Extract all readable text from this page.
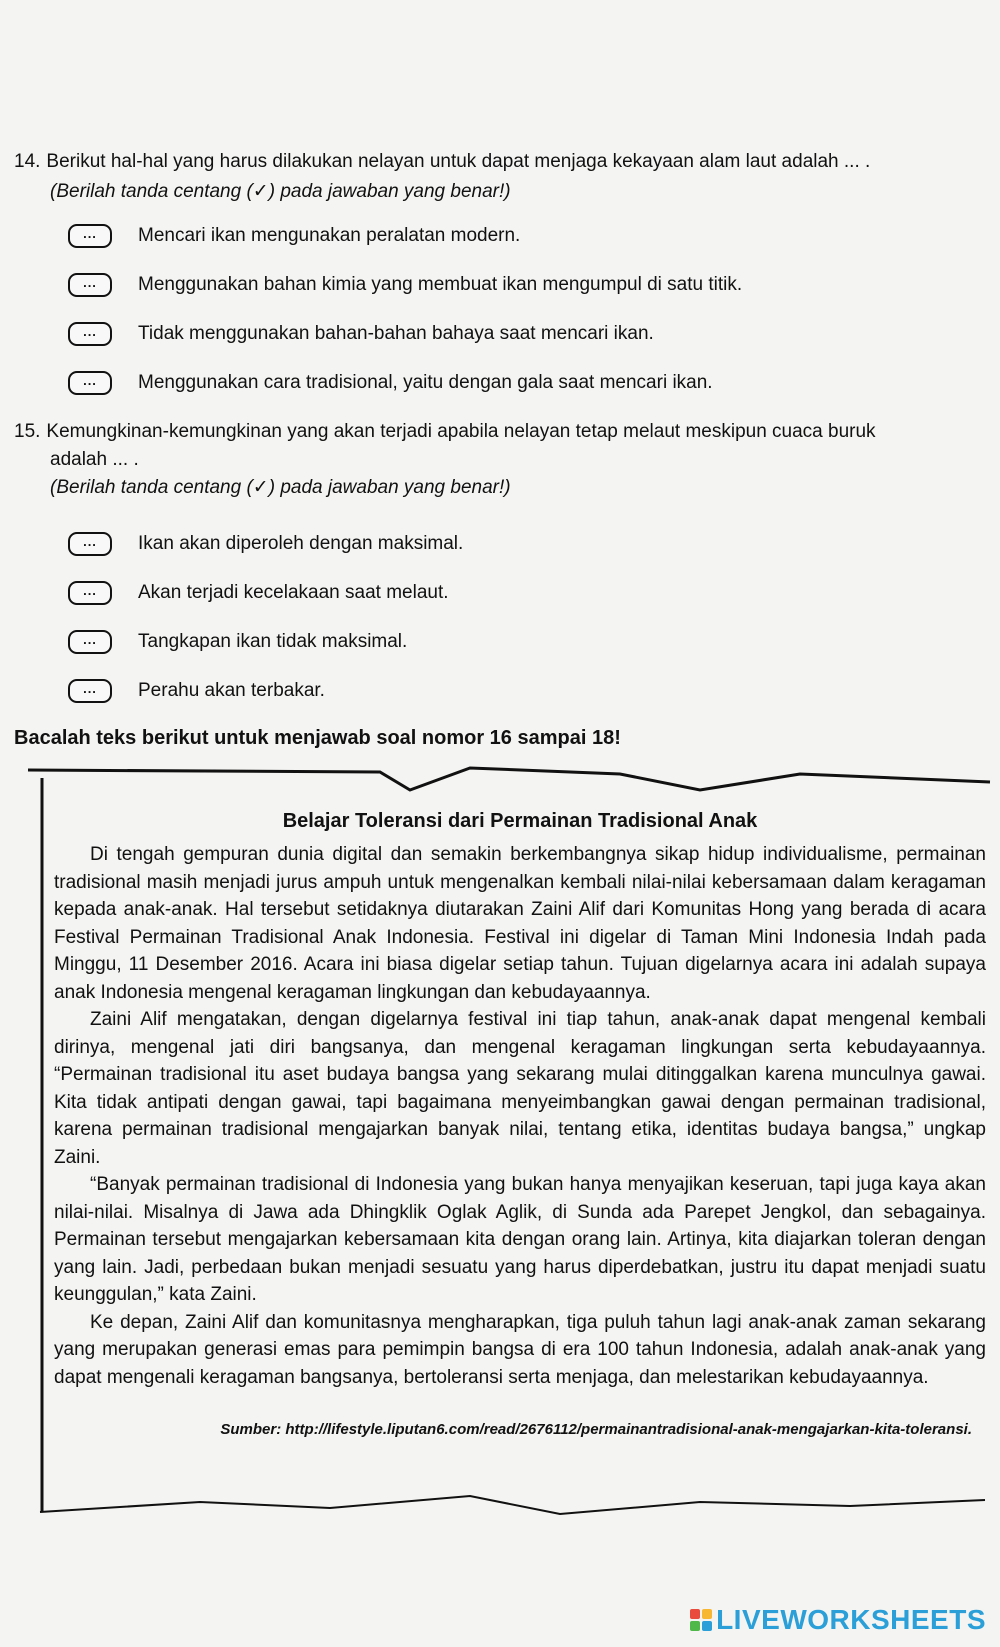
14. Berikut hal-hal yang harus dilakukan nelayan untuk dapat menjaga kekayaan alam laut adalah ... .
(Berilah tanda centang (✓) pada jawaban yang benar!)
...	Mencari ikan mengunakan peralatan modern.
...	Menggunakan bahan kimia yang membuat ikan mengumpul di satu titik.
...	Tidak menggunakan bahan-bahan bahaya saat mencari ikan.
...	Menggunakan cara tradisional, yaitu dengan gala saat mencari ikan.
15. Kemungkinan-kemungkinan yang akan terjadi apabila nelayan tetap melaut meskipun cuaca buruk
adalah ... .
(Berilah tanda centang (✓) pada jawaban yang benar!)
...	Ikan akan diperoleh dengan maksimal.
...	Akan terjadi kecelakaan saat melaut.
...	Tangkapan ikan tidak maksimal.
...	Perahu akan terbakar.
Bacalah teks berikut untuk menjawab soal nomor 16 sampai 18!
Belajar Toleransi dari Permainan Tradisional Anak

Di tengah gempuran dunia digital dan semakin berkembangnya sikap hidup individualisme, permainan tradisional masih menjadi jurus ampuh untuk mengenalkan kembali nilai-nilai kebersamaan dalam keragaman kepada anak-anak. Hal tersebut setidaknya diutarakan Zaini Alif dari Komunitas Hong yang berada di acara Festival Permainan Tradisional Anak Indonesia. Festival ini digelar di Taman Mini Indonesia Indah pada Minggu, 11 Desember 2016. Acara ini biasa digelar setiap tahun. Tujuan digelarnya acara ini adalah supaya anak Indonesia mengenal keragaman lingkungan dan kebudayaannya.

Zaini Alif mengatakan, dengan digelarnya festival ini tiap tahun, anak-anak dapat mengenal kembali dirinya, mengenal jati diri bangsanya, dan mengenal keragaman lingkungan serta kebudayaannya. “Permainan tradisional itu aset budaya bangsa yang sekarang mulai ditinggalkan karena munculnya gawai. Kita tidak antipati dengan gawai, tapi bagaimana menyeimbangkan gawai dengan permainan tradisional, karena permainan tradisional mengajarkan banyak nilai, tentang etika, identitas budaya bangsa,” ungkap Zaini.

“Banyak permainan tradisional di Indonesia yang bukan hanya menyajikan keseruan, tapi juga kaya akan nilai-nilai. Misalnya di Jawa ada Dhingklik Oglak Aglik, di Sunda ada Parepet Jengkol, dan sebagainya. Permainan tersebut mengajarkan kebersamaan kita dengan orang lain. Artinya, kita diajarkan toleran dengan yang lain. Jadi, perbedaan bukan menjadi sesuatu yang harus diperdebatkan, justru itu dapat menjadi suatu keunggulan,” kata Zaini.

Ke depan, Zaini Alif dan komunitasnya mengharapkan, tiga puluh tahun lagi anak-anak zaman sekarang yang merupakan generasi emas para pemimpin bangsa di era 100 tahun Indonesia, adalah anak-anak yang dapat mengenali keragaman bangsanya, bertoleransi serta menjaga, dan melestarikan kebudayaannya.

Sumber: http://lifestyle.liputan6.com/read/2676112/permainantradisional-anak-mengajarkan-kita-toleransi.
LIVEWORKSHEETS
